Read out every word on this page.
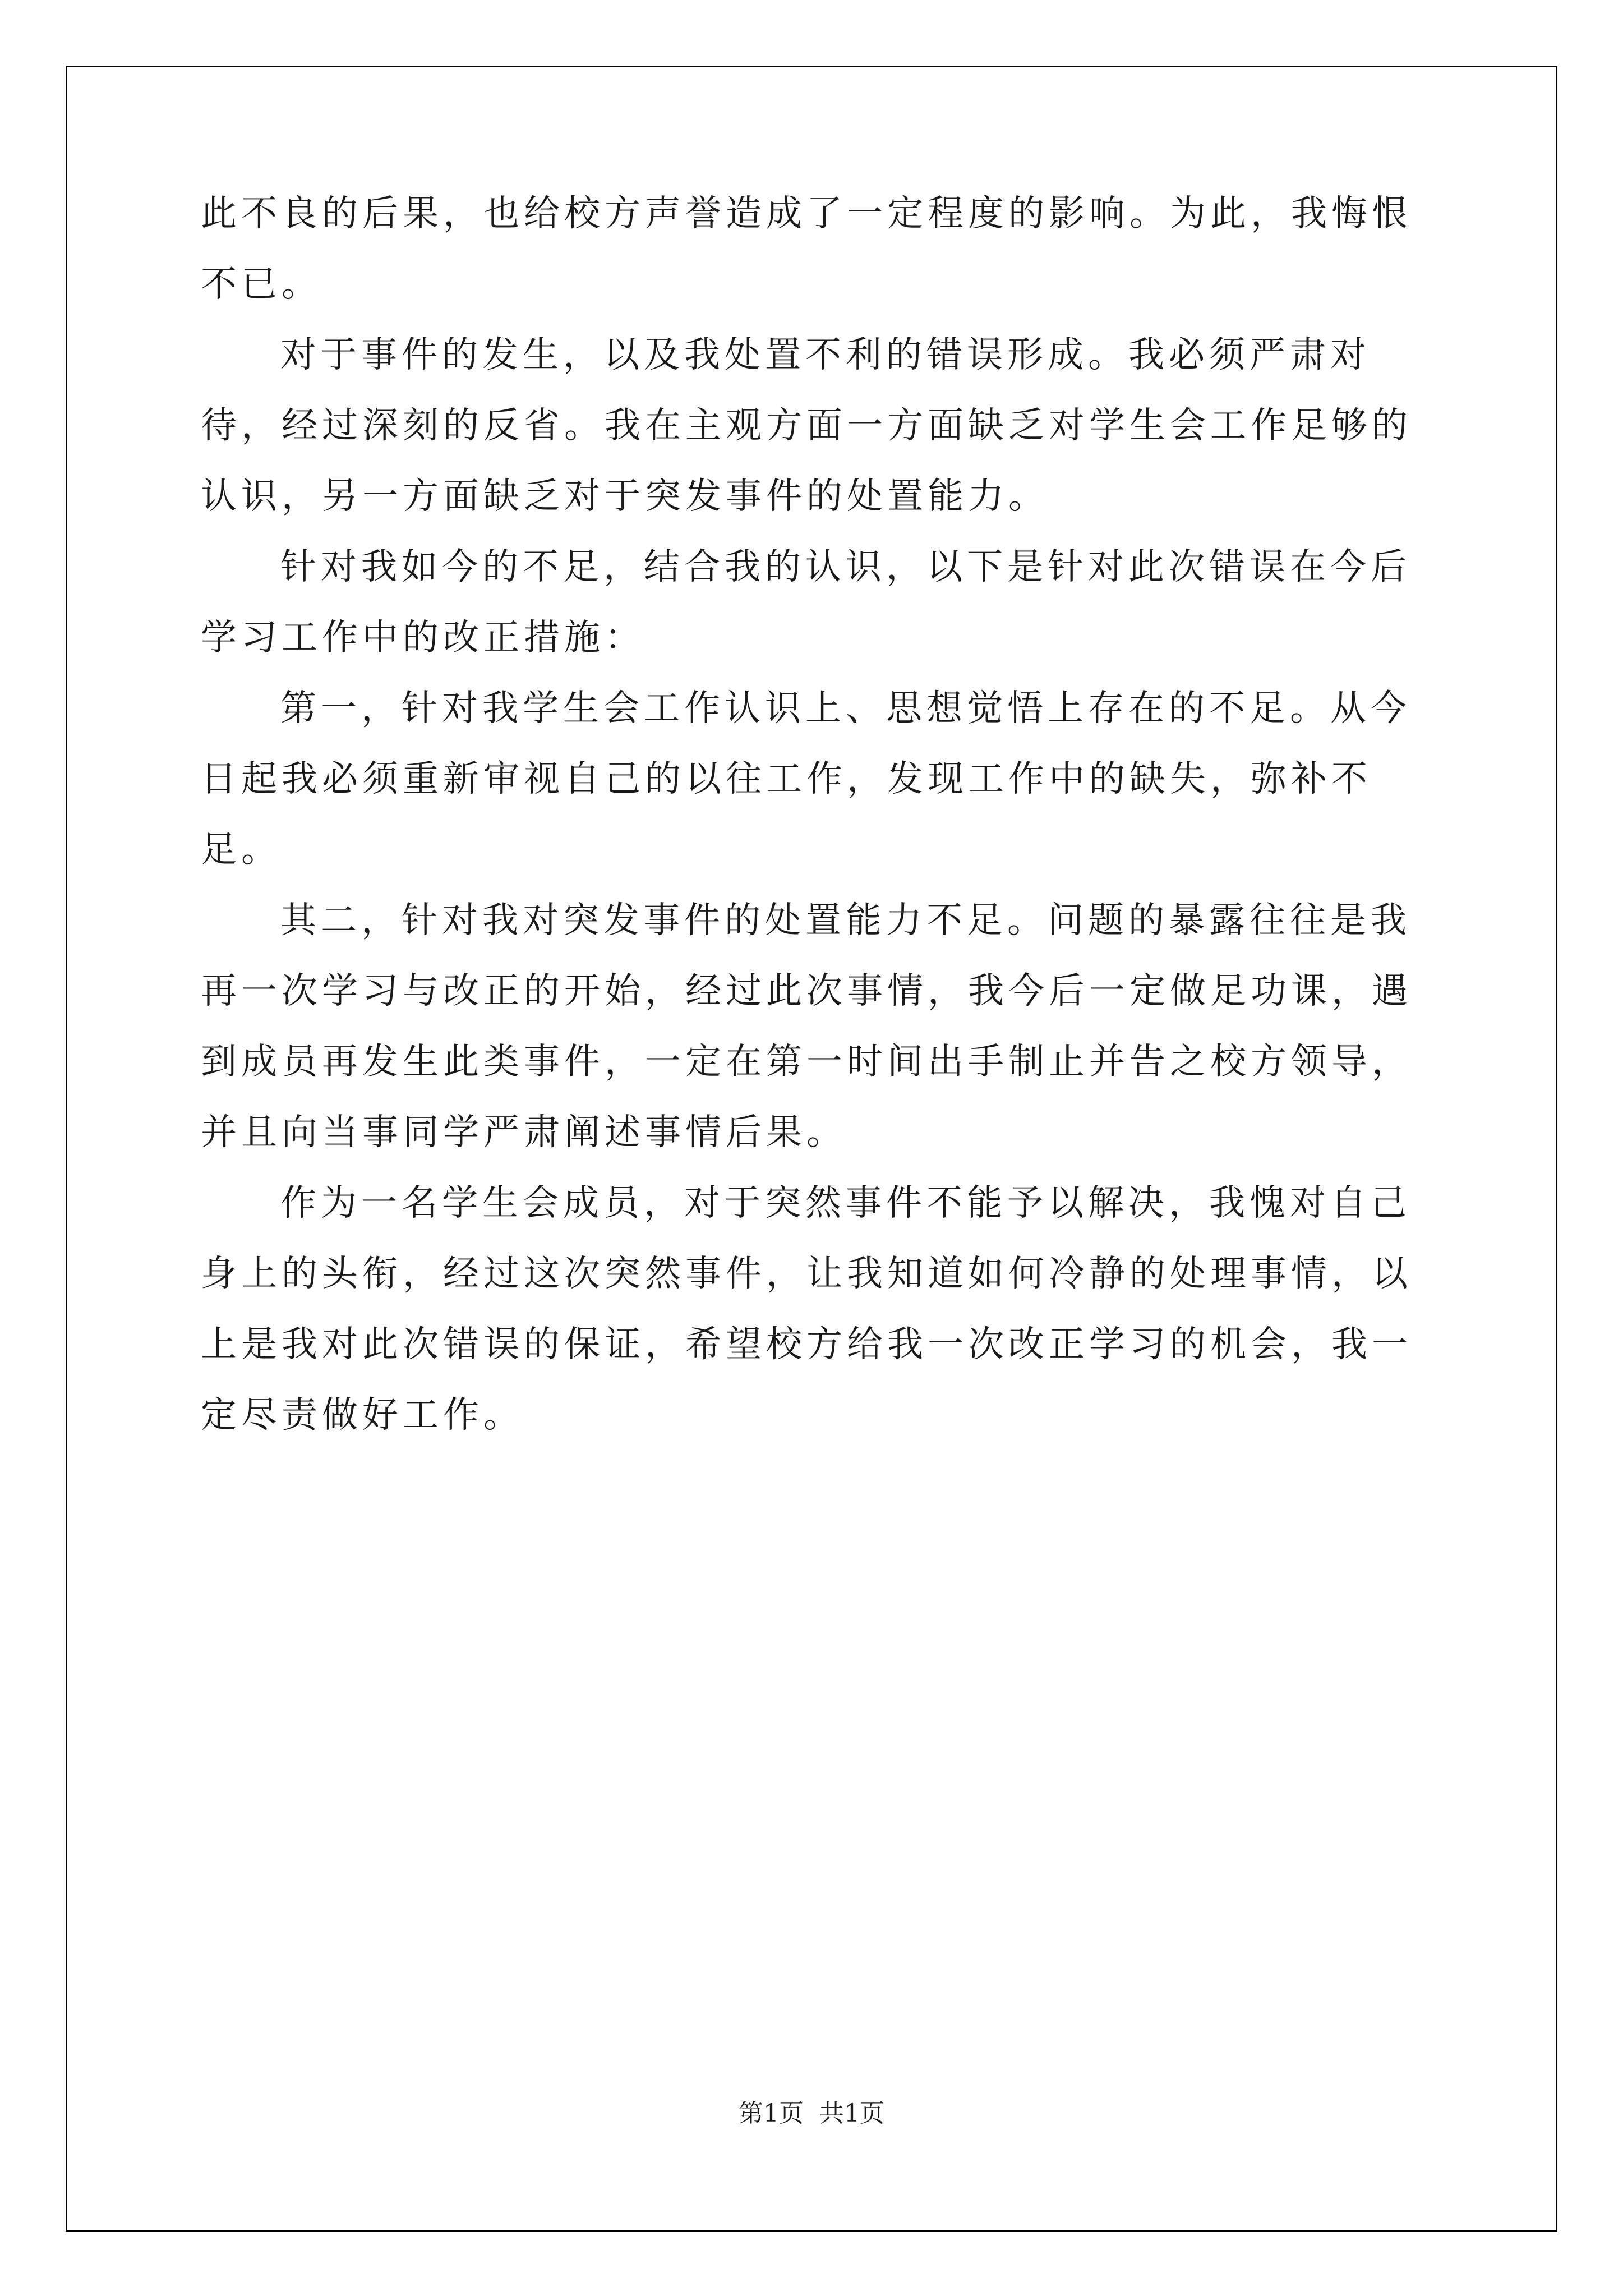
此不良的后果，也给校方声誉造成了一定程度的影响。为此，我悔恨不已。

对于事件的发生，以及我处置不利的错误形成。我必须严肃对待，经过深刻的反省。我在主观方面一方面缺乏对学生会工作足够的认识，另一方面缺乏对于突发事件的处置能力。

针对我如今的不足，结合我的认识，以下是针对此次错误在今后学习工作中的改正措施：

第一，针对我学生会工作认识上、思想觉悟上存在的不足。从今日起我必须重新审视自己的以往工作，发现工作中的缺失，弥补不足。

其二，针对我对突发事件的处置能力不足。问题的暴露往往是我再一次学习与改正的开始，经过此次事情，我今后一定做足功课，遇到成员再发生此类事件，一定在第一时间出手制止并告之校方领导，并且向当事同学严肃阐述事情后果。

作为一名学生会成员，对于突然事件不能予以解决，我愧对自己身上的头衔，经过这次突然事件，让我知道如何冷静的处理事情，以上是我对此次错误的保证，希望校方给我一次改正学习的机会，我一定尽责做好工作。

第1页 共1页
